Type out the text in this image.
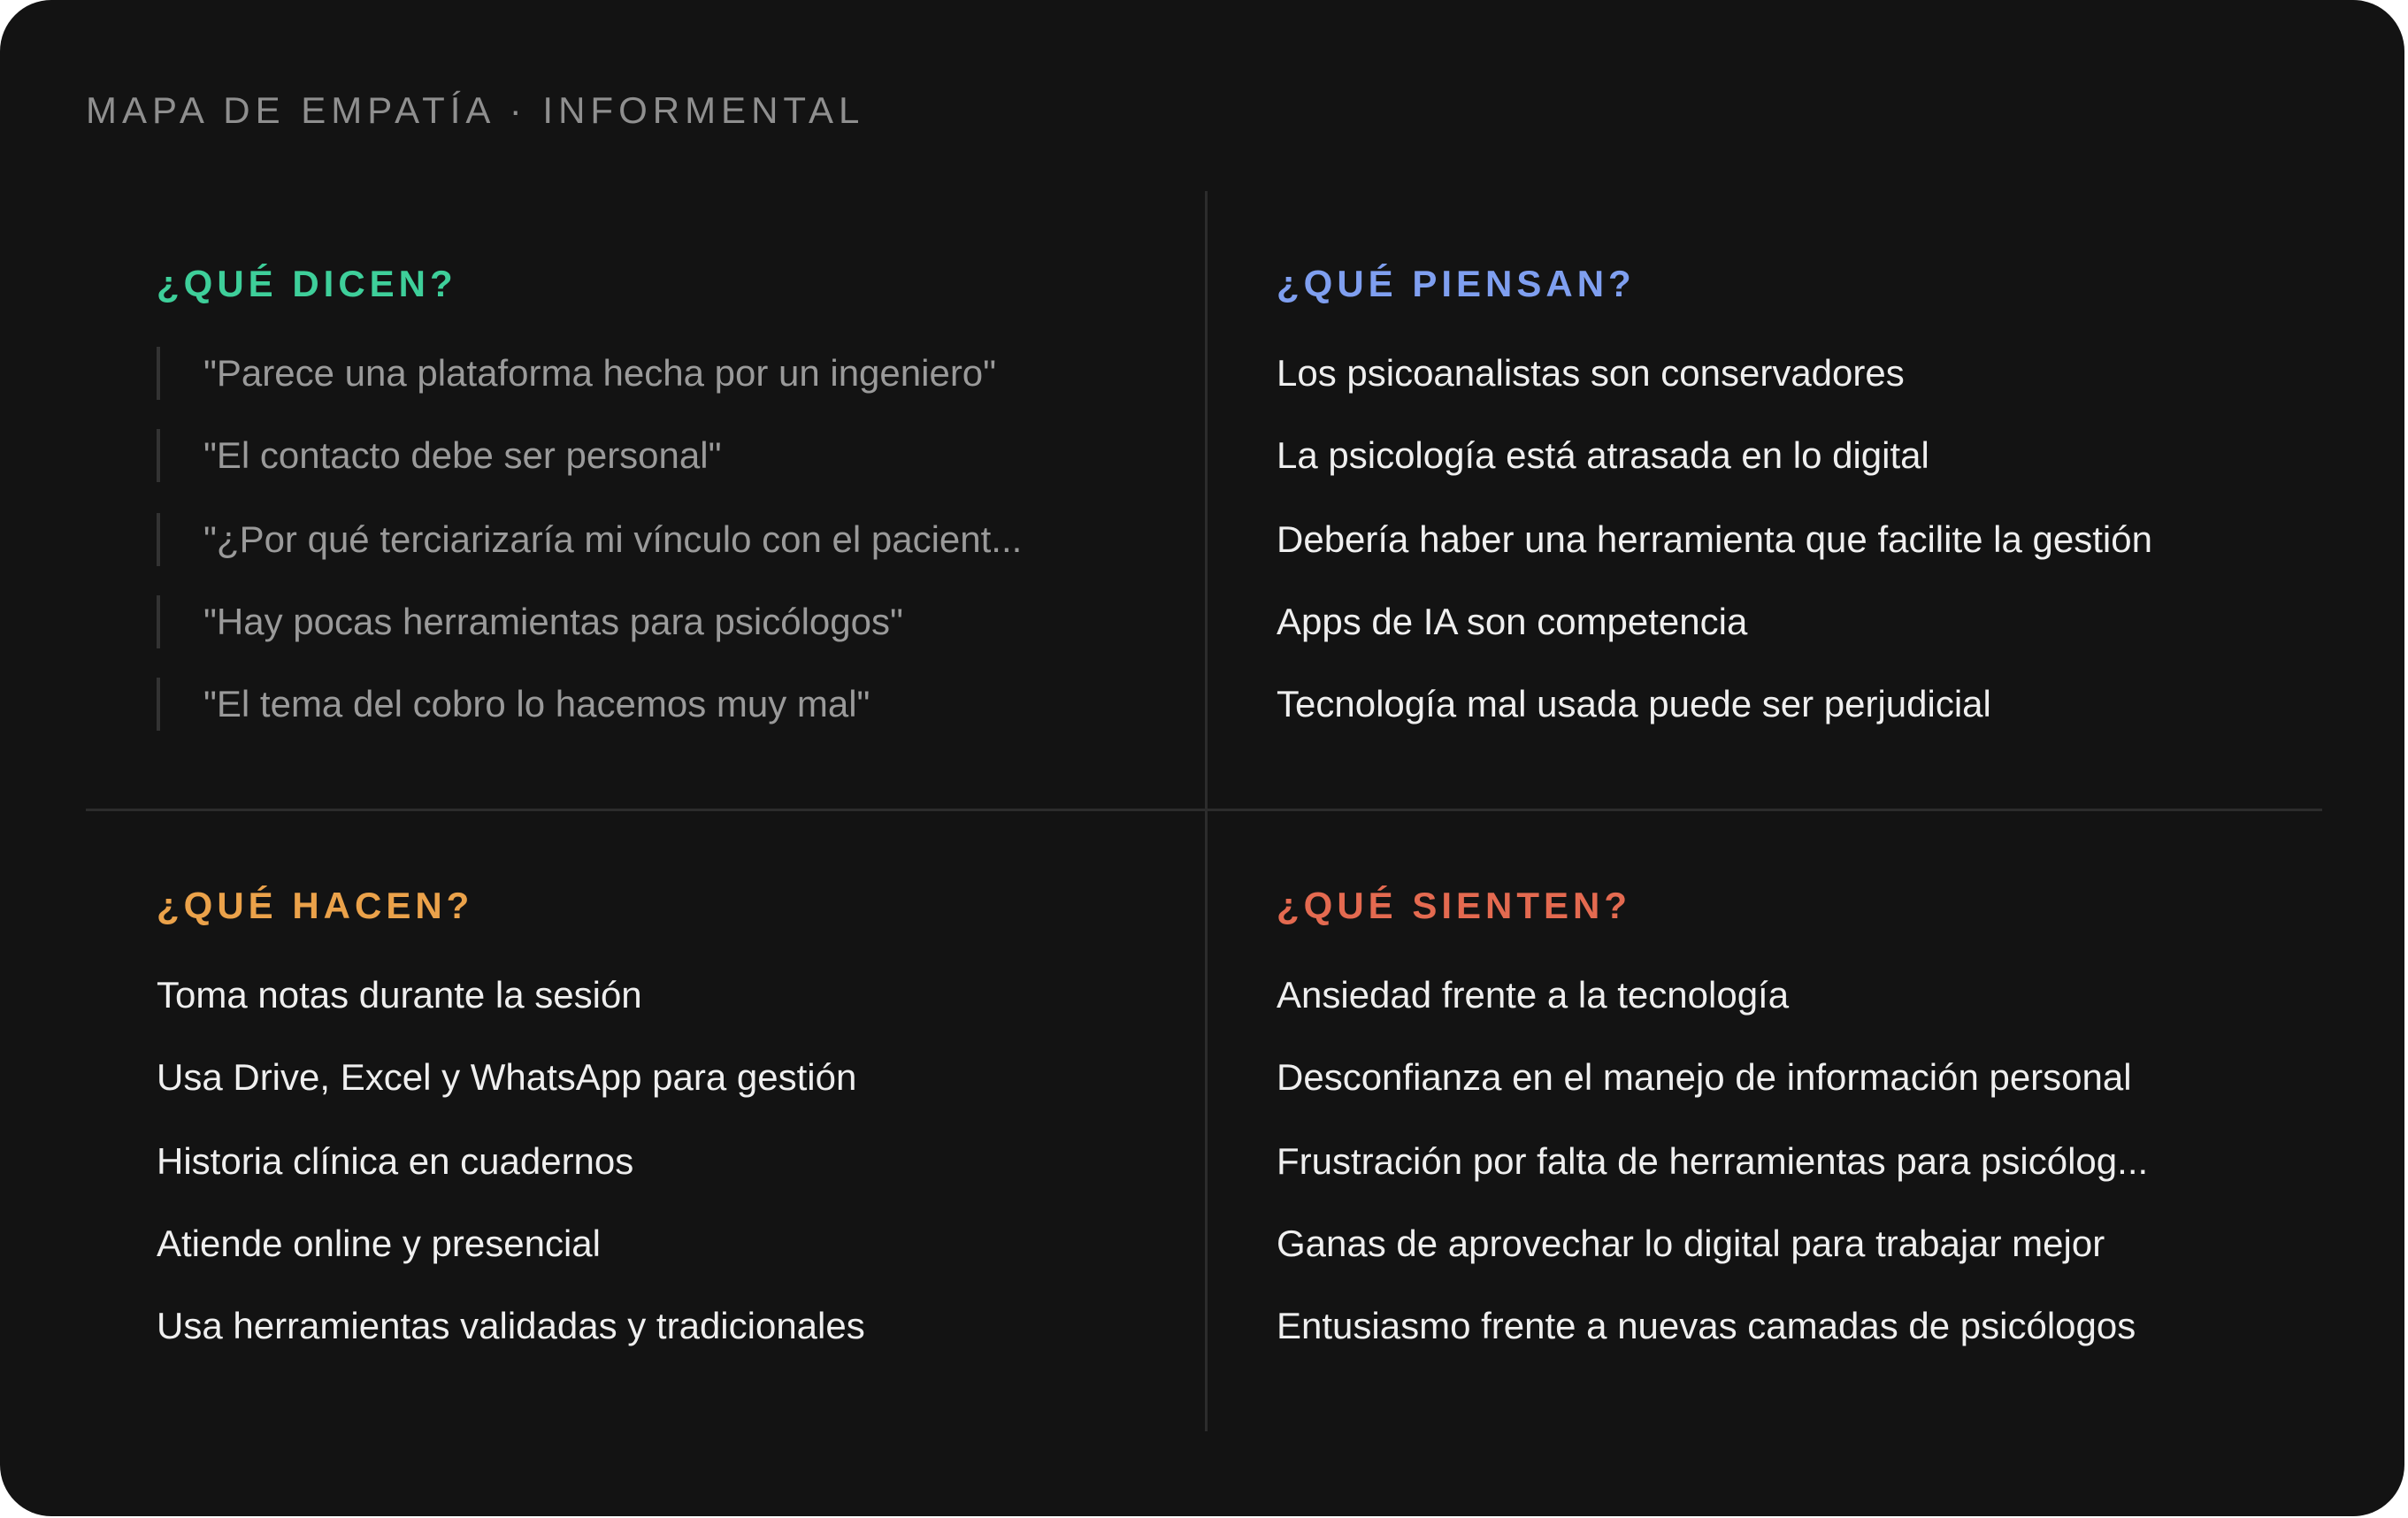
MAPA DE EMPATÍA · INFORMENTAL
¿QUÉ DICEN?
"Parece una plataforma hecha por un ingeniero"
"El contacto debe ser personal"
"¿Por qué terciarizaría mi vínculo con el pacient...
"Hay pocas herramientas para psicólogos"
"El tema del cobro lo hacemos muy mal"
¿QUÉ PIENSAN?
Los psicoanalistas son conservadores
La psicología está atrasada en lo digital
Debería haber una herramienta que facilite la gestión
Apps de IA son competencia
Tecnología mal usada puede ser perjudicial
¿QUÉ HACEN?
Toma notas durante la sesión
Usa Drive, Excel y WhatsApp para gestión
Historia clínica en cuadernos
Atiende online y presencial
Usa herramientas validadas y tradicionales
¿QUÉ SIENTEN?
Ansiedad frente a la tecnología
Desconfianza en el manejo de información personal
Frustración por falta de herramientas para psicólog...
Ganas de aprovechar lo digital para trabajar mejor
Entusiasmo frente a nuevas camadas de psicólogos
